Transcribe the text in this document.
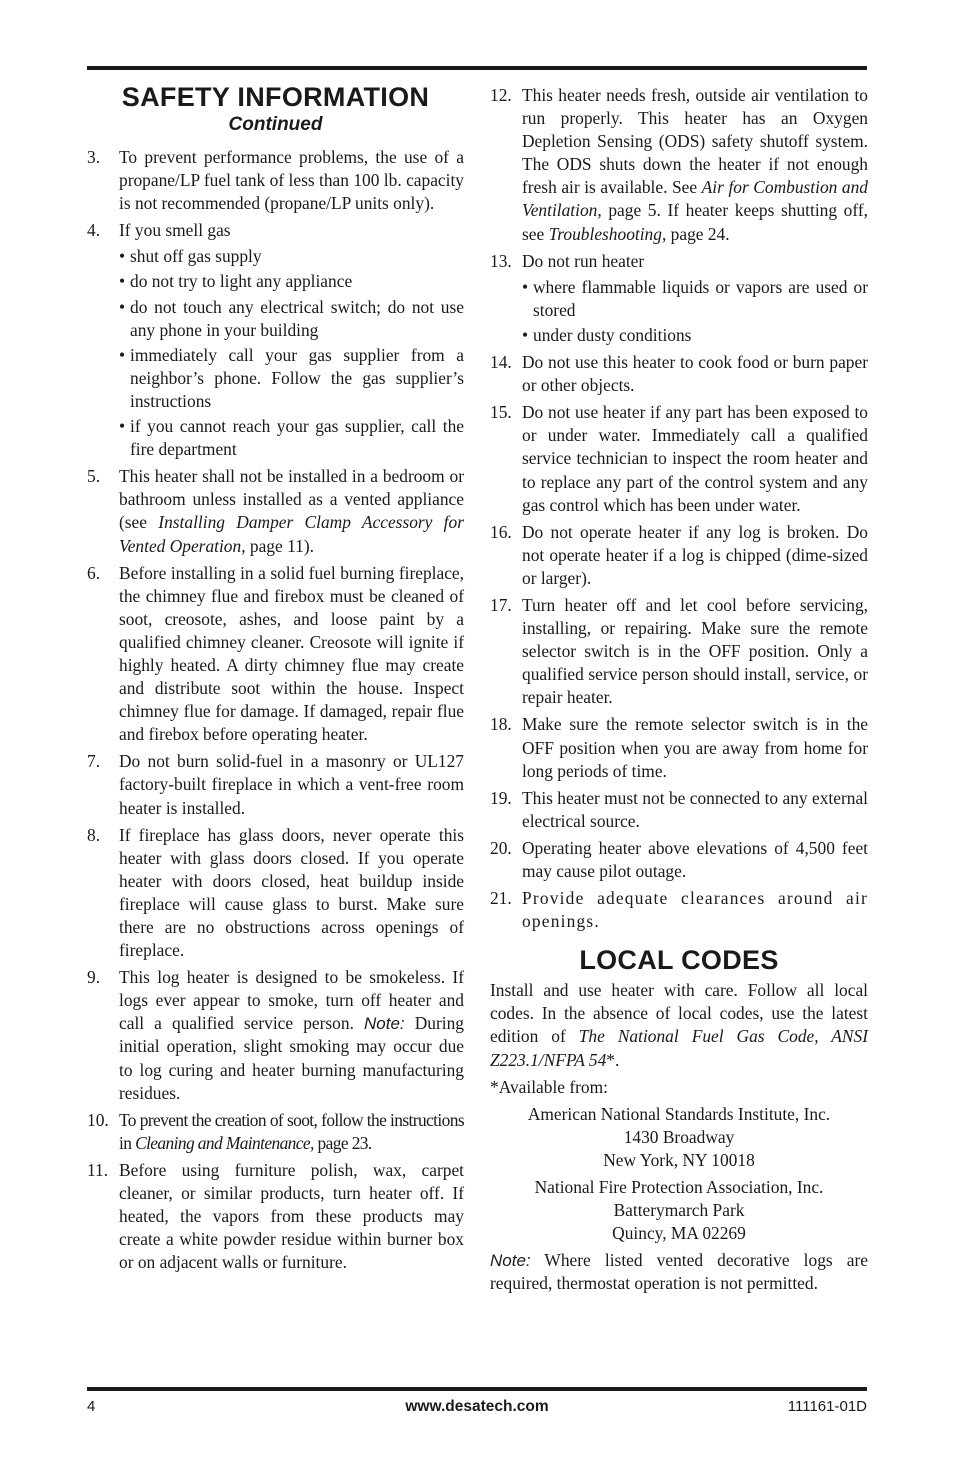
SAFETY INFORMATION
Continued
3. To prevent performance problems, the use of a propane/LP fuel tank of less than 100 lb. capacity is not recommended (propane/LP units only).
4. If you smell gas
• shut off gas supply
• do not try to light any appliance
• do not touch any electrical switch; do not use any phone in your building
• immediately call your gas supplier from a neighbor’s phone. Follow the gas supplier’s instructions
• if you cannot reach your gas supplier, call the fire department
5. This heater shall not be installed in a bedroom or bathroom unless installed as a vented appliance (see Installing Damper Clamp Accessory for Vented Operation, page 11).
6. Before installing in a solid fuel burning fireplace, the chimney flue and firebox must be cleaned of soot, creosote, ashes, and loose paint by a qualified chimney cleaner. Creosote will ignite if highly heated. A dirty chimney flue may create and distribute soot within the house. Inspect chimney flue for damage. If damaged, repair flue and firebox before operating heater.
7. Do not burn solid-fuel in a masonry or UL127 factory-built fireplace in which a vent-free room heater is installed.
8. If fireplace has glass doors, never operate this heater with glass doors closed. If you operate heater with doors closed, heat buildup inside fireplace will cause glass to burst. Make sure there are no obstructions across openings of fireplace.
9. This log heater is designed to be smokeless. If logs ever appear to smoke, turn off heater and call a qualified service person. Note: During initial operation, slight smoking may occur due to log curing and heater burning manufacturing residues.
10. To prevent the creation of soot, follow the instructions in Cleaning and Maintenance, page 23.
11. Before using furniture polish, wax, carpet cleaner, or similar products, turn heater off. If heated, the vapors from these products may create a white powder residue within burner box or on adjacent walls or furniture.
12. This heater needs fresh, outside air ventilation to run properly. This heater has an Oxygen Depletion Sensing (ODS) safety shutoff system. The ODS shuts down the heater if not enough fresh air is available. See Air for Combustion and Ventilation, page 5. If heater keeps shutting off, see Troubleshooting, page 24.
13. Do not run heater
• where flammable liquids or vapors are used or stored
• under dusty conditions
14. Do not use this heater to cook food or burn paper or other objects.
15. Do not use heater if any part has been exposed to or under water. Immediately call a qualified service technician to inspect the room heater and to replace any part of the control system and any gas control which has been under water.
16. Do not operate heater if any log is broken. Do not operate heater if a log is chipped (dime-sized or larger).
17. Turn heater off and let cool before servicing, installing, or repairing. Make sure the remote selector switch is in the OFF position. Only a qualified service person should install, service, or repair heater.
18. Make sure the remote selector switch is in the OFF position when you are away from home for long periods of time.
19. This heater must not be connected to any external electrical source.
20. Operating heater above elevations of 4,500 feet may cause pilot outage.
21. Provide adequate clearances around air openings.
LOCAL CODES

Install and use heater with care. Follow all local codes. In the absence of local codes, use the latest edition of The National Fuel Gas Code, ANSI Z223.1/NFPA 54*.

*Available from:

American National Standards Institute, Inc.
1430 Broadway
New York, NY 10018

National Fire Protection Association, Inc.
Batterymarch Park
Quincy, MA 02269

Note: Where listed vented decorative logs are required, thermostat operation is not permitted.

4	www.desatech.com	111161-01D
